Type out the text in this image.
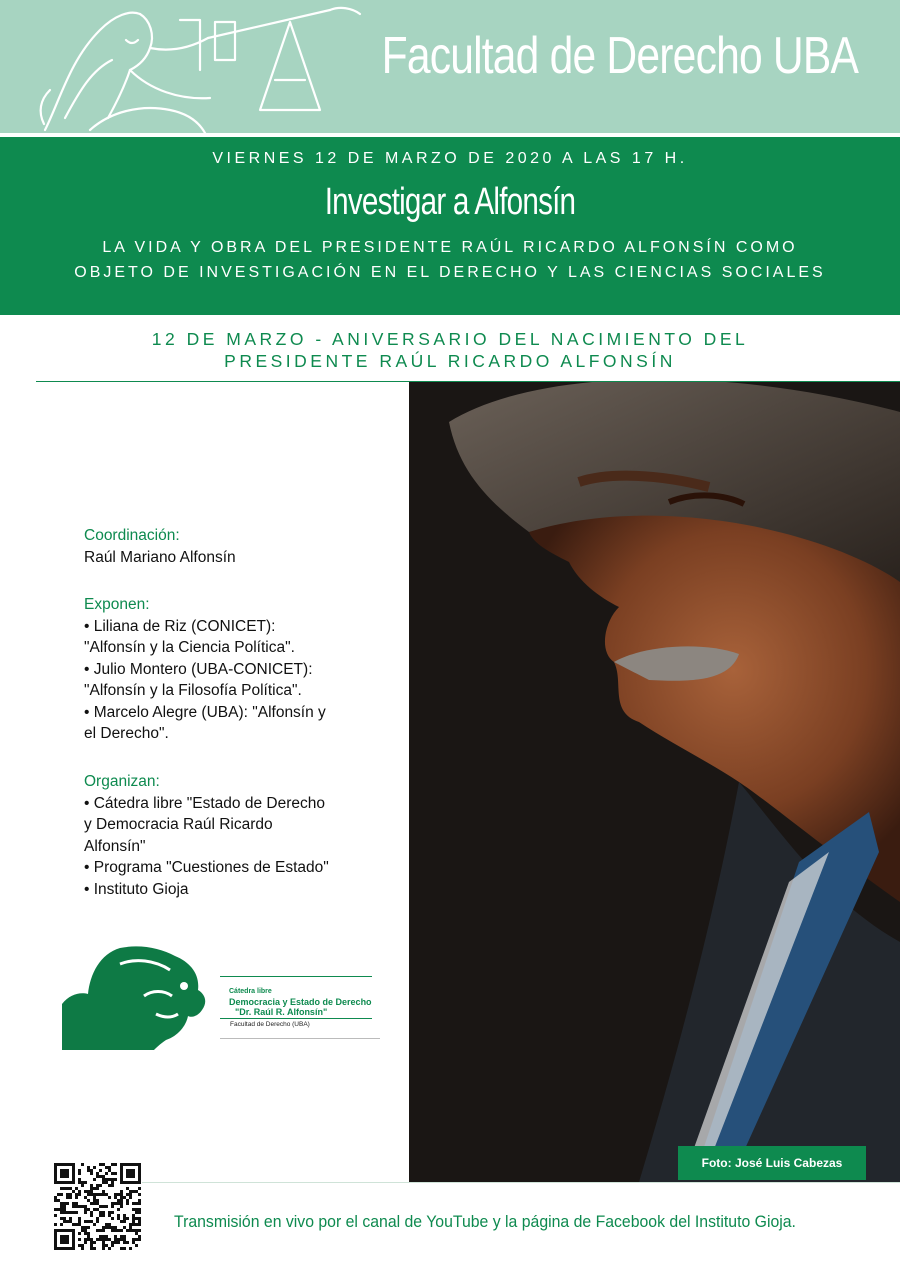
Facultad de Derecho UBA
VIERNES 12 DE MARZO DE 2020 A LAS 17 H.
Investigar a Alfonsín
LA VIDA Y OBRA DEL PRESIDENTE RAÚL RICARDO ALFONSÍN COMO
OBJETO DE INVESTIGACIÓN EN EL DERECHO Y LAS CIENCIAS SOCIALES
12 DE MARZO - ANIVERSARIO DEL NACIMIENTO DEL
PRESIDENTE RAÚL RICARDO ALFONSÍN
Foto: José Luis Cabezas
Coordinación:
Raúl Mariano Alfonsín
Exponen:
• Liliana de Riz (CONICET):
"Alfonsín y la Ciencia Política".
• Julio Montero (UBA-CONICET):
"Alfonsín y la Filosofía Política".
• Marcelo Alegre (UBA): "Alfonsín y
el Derecho".
Organizan:
• Cátedra libre "Estado de Derecho
y Democracia Raúl Ricardo
Alfonsín"
• Programa "Cuestiones de Estado"
• Instituto Gioja
Cátedra libre
Democracia y Estado de Derecho
"Dr. Raúl R. Alfonsín"
Facultad de Derecho (UBA)
Transmisión en vivo por el canal de YouTube y la página de Facebook del Instituto Gioja.
